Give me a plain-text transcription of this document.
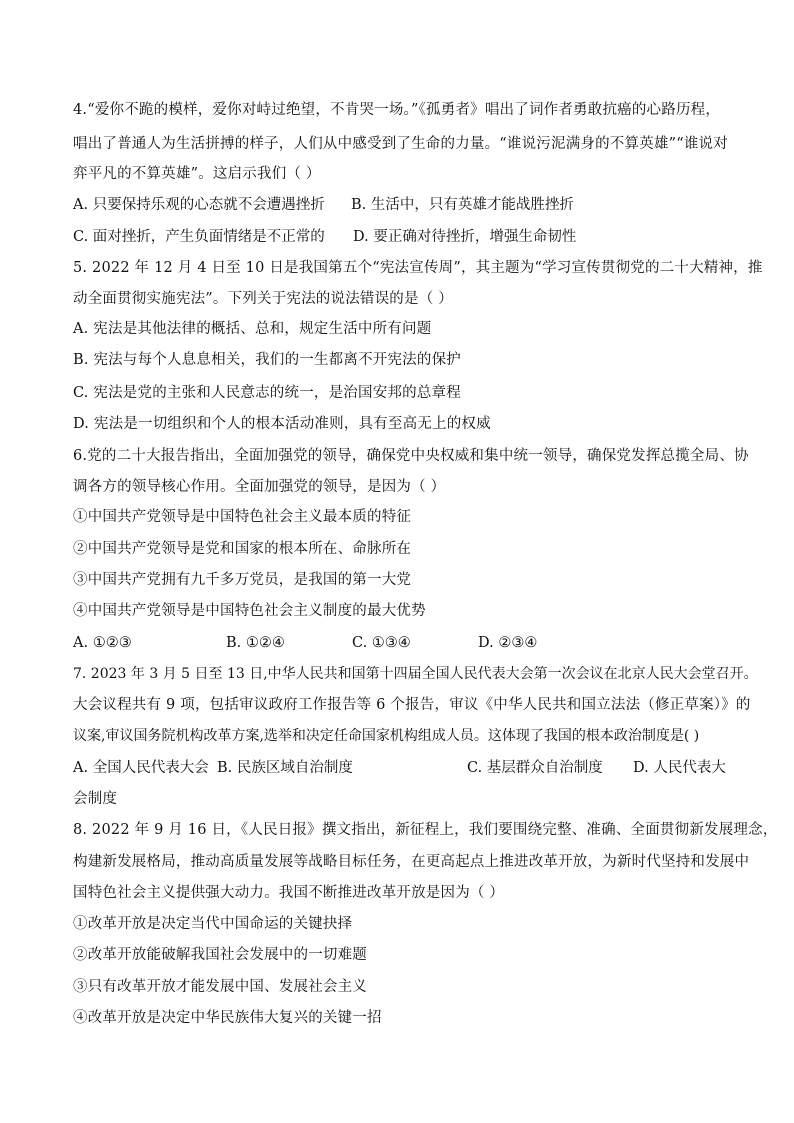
4.“爱你不跪的模样，爱你对峙过绝望，不肯哭一场。”《孤勇者》唱出了词作者勇敢抗癌的心路历程，
唱出了普通人为生活拼搏的样子，人们从中感受到了生命的力量。“谁说污泥满身的不算英雄”“谁说对
弈平凡的不算英雄”。这启示我们（ ）
A. 只要保持乐观的心态就不会遭遇挫折 B. 生活中，只有英雄才能战胜挫折
C. 面对挫折，产生负面情绪是不正常的 D. 要正确对待挫折，增强生命韧性
5. 2022 年 12 月 4 日至 10 日是我国第五个“宪法宣传周”，其主题为“学习宣传贯彻党的二十大精神，推
动全面贯彻实施宪法”。下列关于宪法的说法错误的是（ ）
A. 宪法是其他法律的概括、总和，规定生活中所有问题
B. 宪法与每个人息息相关，我们的一生都离不开宪法的保护
C. 宪法是党的主张和人民意志的统一，是治国安邦的总章程
D. 宪法是一切组织和个人的根本活动准则，具有至高无上的权威
6.党的二十大报告指出，全面加强党的领导，确保党中央权威和集中统一领导，确保党发挥总揽全局、协
调各方的领导核心作用。全面加强党的领导，是因为（ ）
①中国共产党领导是中国特色社会主义最本质的特征
②中国共产党领导是党和国家的根本所在、命脉所在
③中国共产党拥有九千多万党员，是我国的第一大党
④中国共产党领导是中国特色社会主义制度的最大优势
A. ①②③	B. ①②④	C. ①③④	D. ②③④
7. 2023 年 3 月 5 日至 13 日,中华人民共和国第十四届全国人民代表大会第一次会议在北京人民大会堂召开。
大会议程共有 9 项，包括审议政府工作报告等 6 个报告，审议《中华人民共和国立法法（修正草案）》的
议案,审议国务院机构改革方案,选举和决定任命国家机构组成人员。这体现了我国的根本政治制度是( )
A. 全国人民代表大会 B. 民族区域自治制度	C. 基层群众自治制度 D. 人民代表大
会制度
8. 2022 年 9 月 16 日，《人民日报》撰文指出，新征程上，我们要围绕完整、准确、全面贯彻新发展理念，
构建新发展格局，推动高质量发展等战略目标任务，在更高起点上推进改革开放，为新时代坚持和发展中
国特色社会主义提供强大动力。我国不断推进改革开放是因为（ ）
①改革开放是决定当代中国命运的关键抉择
②改革开放能破解我国社会发展中的一切难题
③只有改革开放才能发展中国、发展社会主义
④改革开放是决定中华民族伟大复兴的关键一招
